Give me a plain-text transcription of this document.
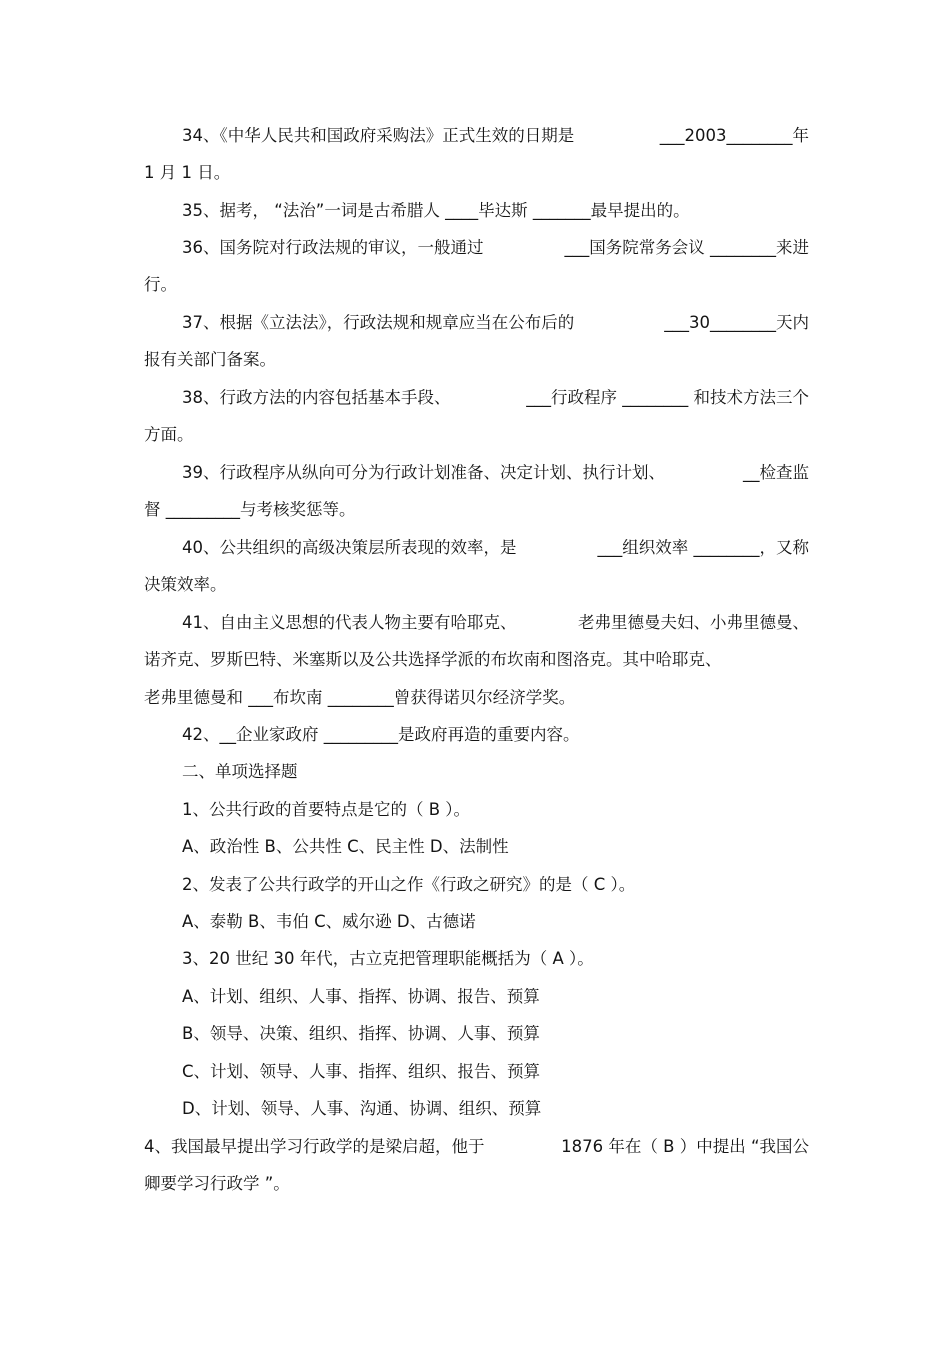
34、《中华人民共和国政府采购法》正式生效的日期是	___2003________年
1 月 1 日。
35、据考， “法治”一词是古希腊人 ____毕达斯 _______最早提出的。
36、国务院对行政法规的审议，一般通过	___国务院常务会议 ________来进
行。
37、根据《立法法》，行政法规和规章应当在公布后的	___30________天内
报有关部门备案。
38、行政方法的内容包括基本手段、	___行政程序 ________ 和技术方法三个
方面。
39、行政程序从纵向可分为行政计划准备、决定计划、执行计划、	__检查监
督 _________与考核奖惩等。
40、公共组织的高级决策层所表现的效率，是	___组织效率 ________，又称
决策效率。
41、自由主义思想的代表人物主要有哈耶克、	老弗里德曼夫妇、小弗里德曼、
诺齐克、罗斯巴特、米塞斯以及公共选择学派的布坎南和图洛克。其中哈耶克、
老弗里德曼和 ___布坎南 ________曾获得诺贝尔经济学奖。
42、__企业家政府 _________是政府再造的重要内容。
二、单项选择题
1、公共行政的首要特点是它的（ B ）。
A、政治性 B、公共性 C、民主性 D、法制性
2、发表了公共行政学的开山之作《行政之研究》的是（ C ）。
A、泰勒 B、韦伯 C、威尔逊 D、古德诺
3、20 世纪 30 年代，古立克把管理职能概括为（ A ）。
A、计划、组织、人事、指挥、协调、报告、预算
B、领导、决策、组织、指挥、协调、人事、预算
C、计划、领导、人事、指挥、组织、报告、预算
D、计划、领导、人事、沟通、协调、组织、预算
4、我国最早提出学习行政学的是梁启超，他于	1876 年在（ B ）中提出 “我国公
卿要学习行政学 ”。
